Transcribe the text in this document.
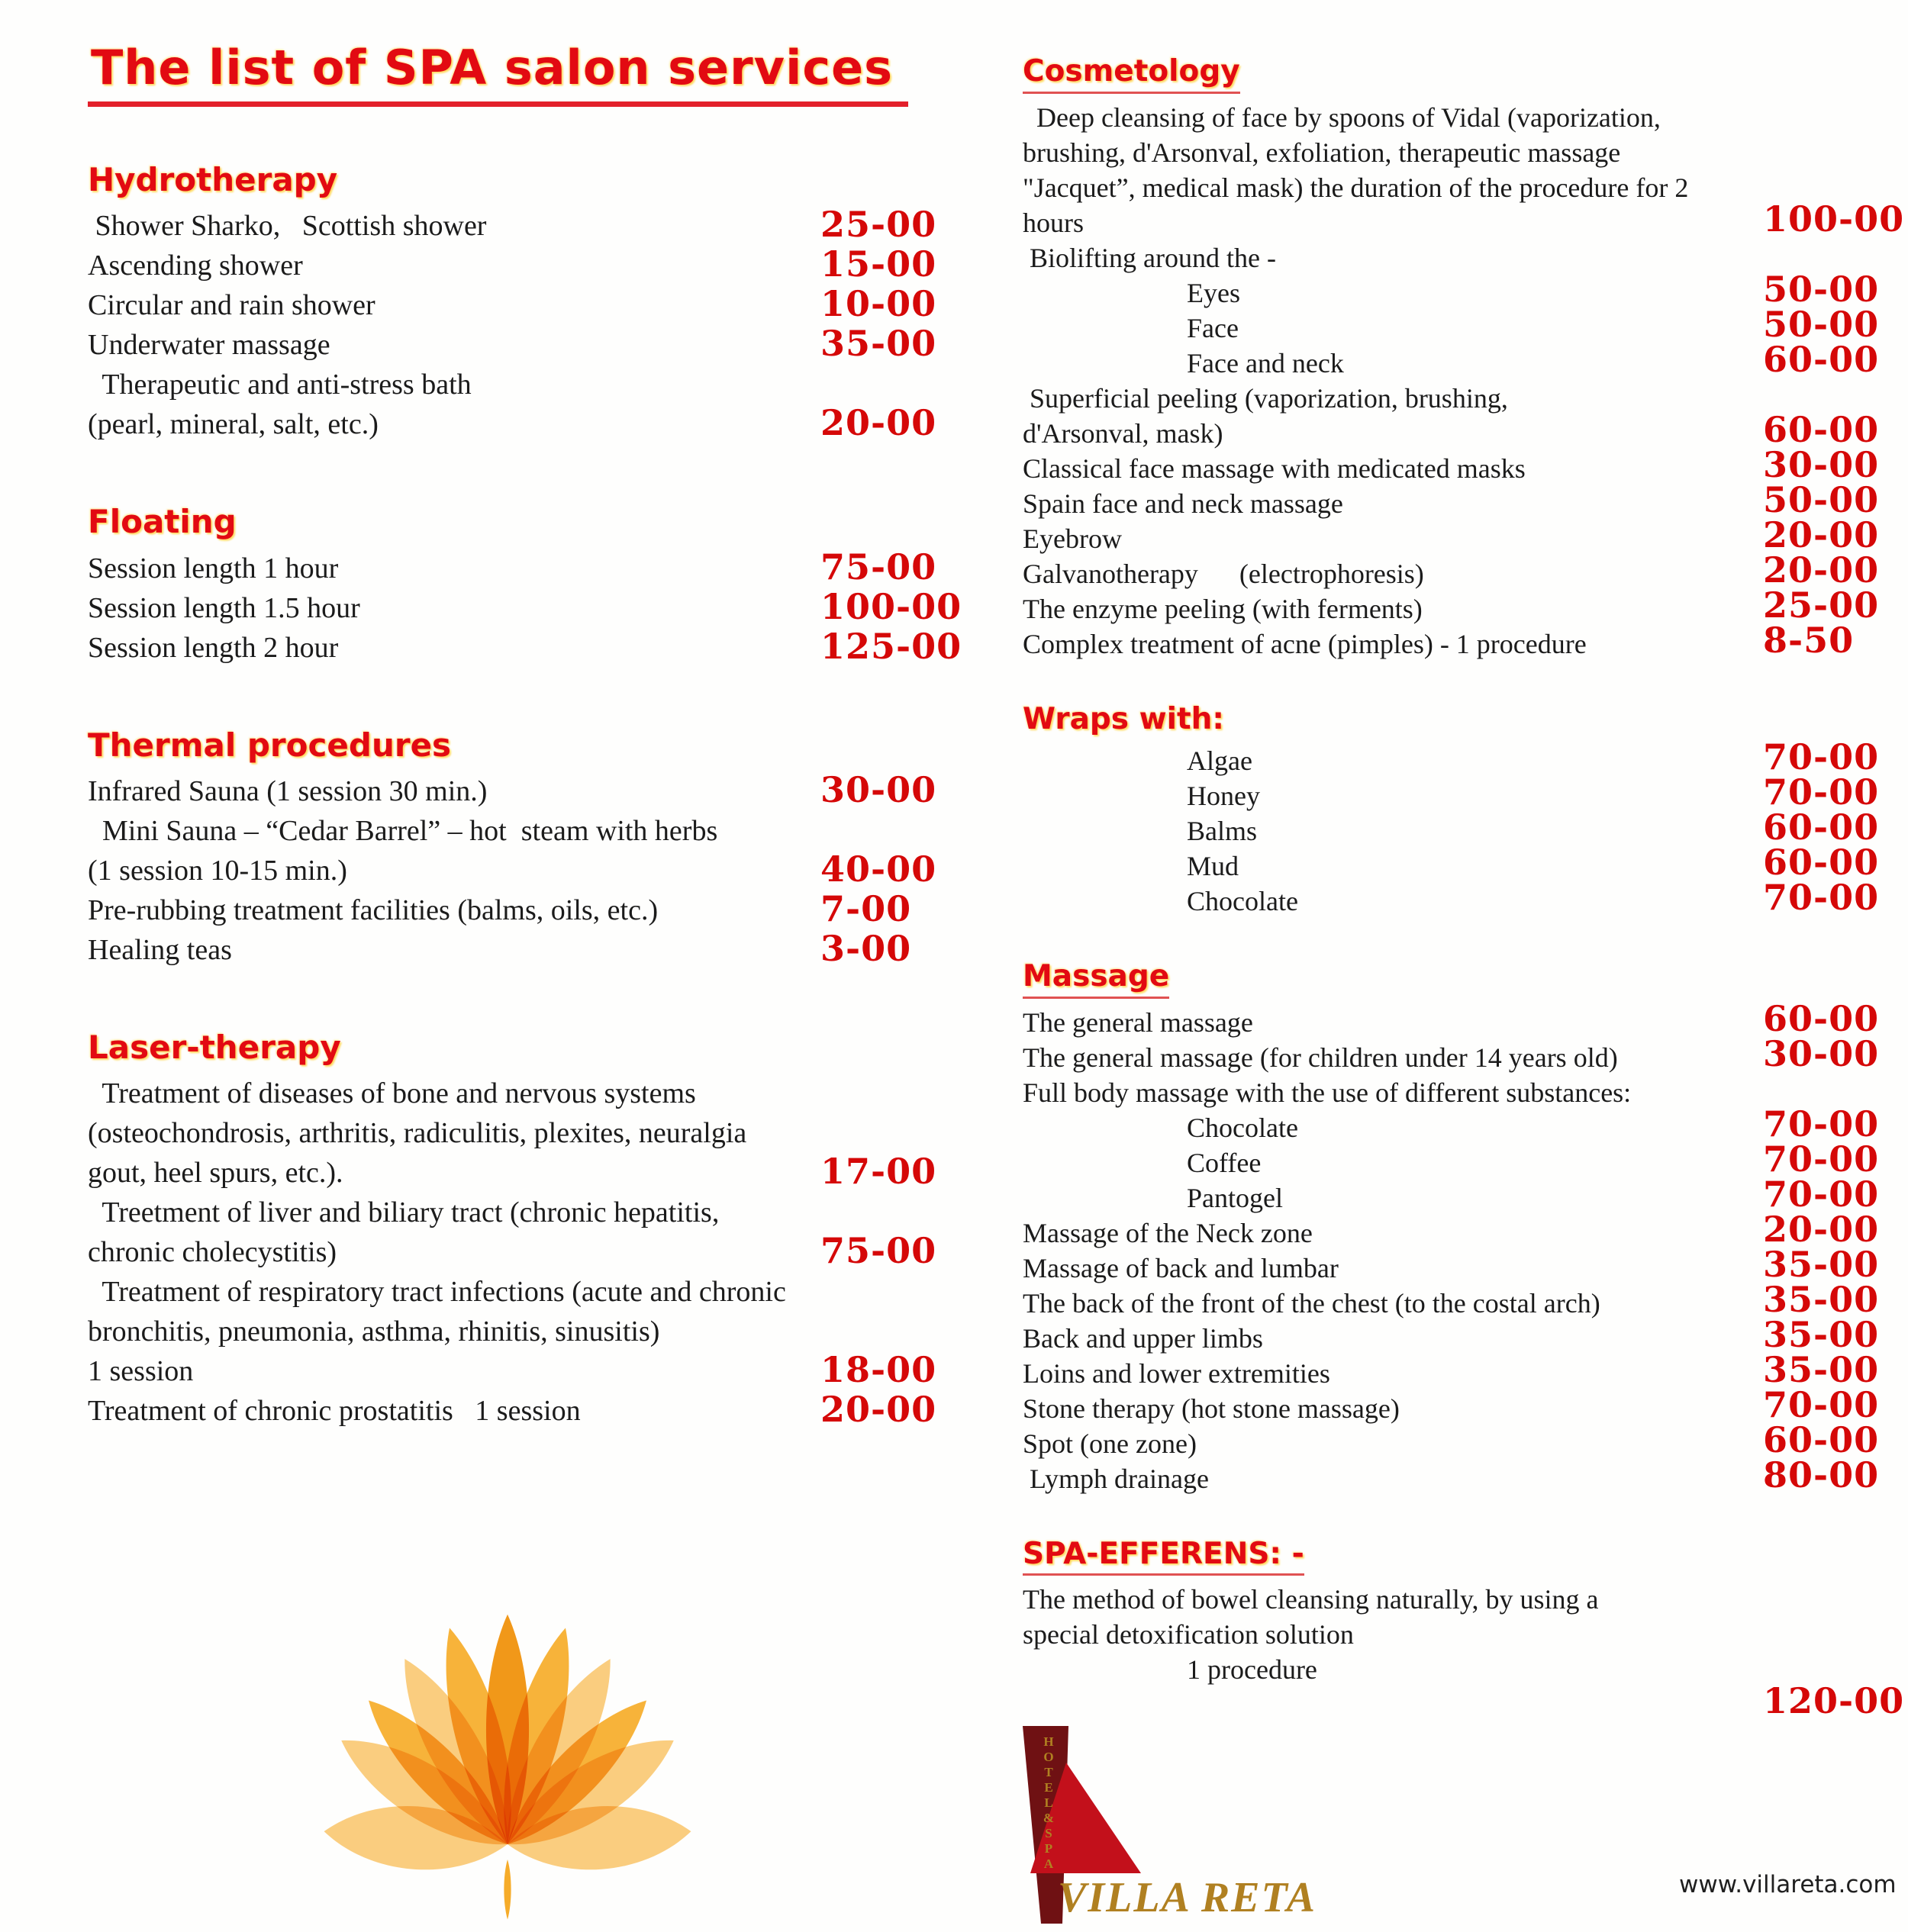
The list of SPA salon services
Hydrotherapy
Shower Sharko,   Scottish shower	25-00
Ascending shower	15-00
Circular and rain shower	10-00
Underwater massage	35-00
Therapeutic and anti-stress bath
(pearl, mineral, salt, etc.)	20-00
Floating
Session length 1 hour	75-00
Session length 1.5 hour	100-00
Session length 2 hour	125-00
Thermal procedures
Infrared Sauna (1 session 30 min.)	30-00
Mini Sauna – “Cedar Barrel” – hot  steam with herbs
(1 session 10-15 min.)	40-00
Pre-rubbing treatment facilities (balms, oils, etc.)	7-00
Healing teas	3-00
Laser-therapy
Treatment of diseases of bone and nervous systems
(osteochondrosis, arthritis, radiculitis, plexites, neuralgia
gout, heel spurs, etc.).	17-00
Treetment of liver and biliary tract (chronic hepatitis,
chronic cholecystitis)	75-00
Treatment of respiratory tract infections (acute and chronic
bronchitis, pneumonia, asthma, rhinitis, sinusitis)
1 session	18-00
Treatment of chronic prostatitis   1 session	20-00
Cosmetology
Deep cleansing of face by spoons of Vidal (vaporization,
brushing, d'Arsonval, exfoliation, therapeutic massage
"Jacquet”, medical mask) the duration of the procedure for 2
hours	100-00
Biolifting around the -
Eyes	50-00
Face	50-00
Face and neck	60-00
Superficial peeling (vaporization, brushing,
d'Arsonval, mask)	60-00
Classical face massage with medicated masks	30-00
Spain face and neck massage	50-00
Eyebrow	20-00
Galvanotherapy      (electrophoresis)	20-00
The enzyme peeling (with ferments)	25-00
Complex treatment of acne (pimples) - 1 procedure	8-50
Wraps with:
Algae	70-00
Honey	70-00
Balms	60-00
Mud	60-00
Chocolate	70-00
Massage
The general massage	60-00
The general massage (for children under 14 years old)	30-00
Full body massage with the use of different substances:
Chocolate	70-00
Coffee	70-00
Pantogel	70-00
Massage of the Neck zone	20-00
Massage of back and lumbar	35-00
The back of the front of the chest (to the costal arch)	35-00
Back and upper limbs	35-00
Loins and lower extremities	35-00
Stone therapy (hot stone massage)	70-00
Spot (one zone)	60-00
Lymph drainage	80-00
SPA-EFFERENS: -
The method of bowel cleansing naturally, by using a
special detoxification solution
1 procedure
120-00
H
O
T
E
L
&
S
P
A
VILLA RETA	www.villareta.com
